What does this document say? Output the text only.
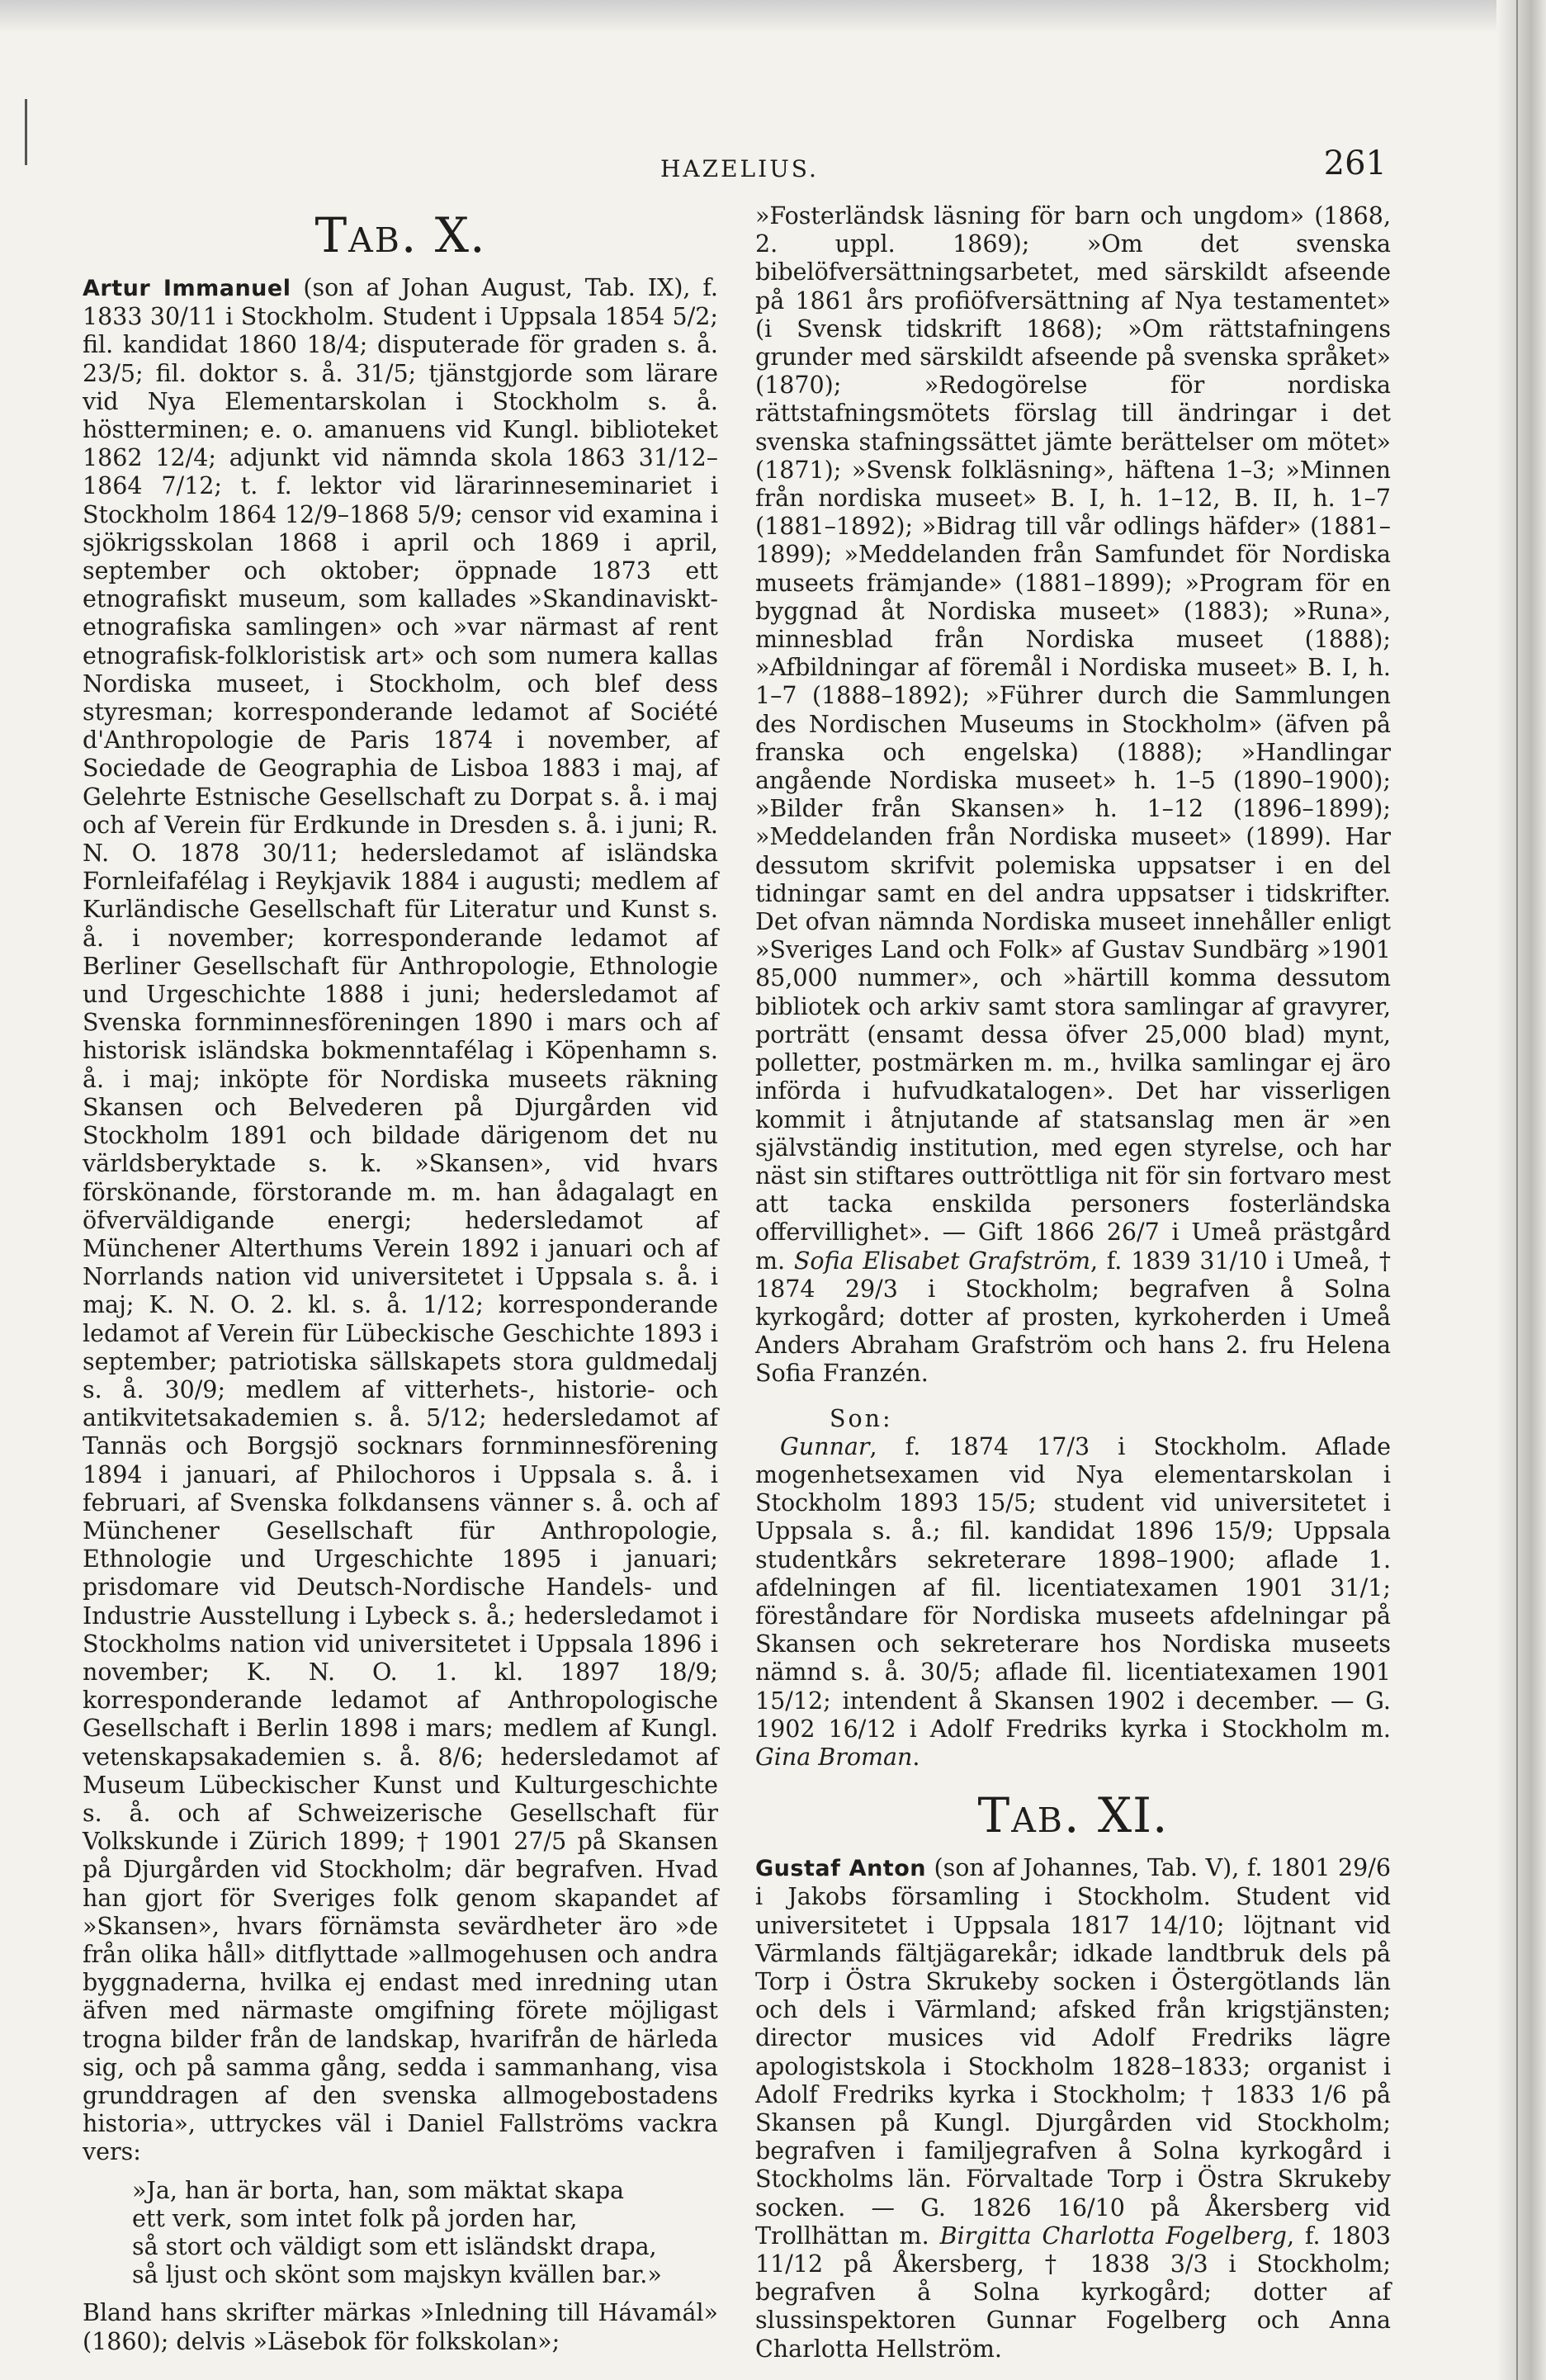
HAZELIUS.	261
Tab. X.

Artur Immanuel (son af Johan August, Tab. IX), f. 1833 30/11 i Stockholm. Student i Uppsala 1854 5/2; fil. kandidat 1860 18/4; disputerade för graden s. å. 23/5; fil. doktor s. å. 31/5; tjänstgjorde som lärare vid Nya Elementarskolan i Stockholm s. å. höstterminen; e. o. amanuens vid Kungl. biblioteket 1862 12/4; adjunkt vid nämnda skola 1863 31/12–1864 7/12; t. f. lektor vid lärarinneseminariet i Stockholm 1864 12/9–1868 5/9; censor vid examina i sjökrigsskolan 1868 i april och 1869 i april, september och oktober; öppnade 1873 ett etnografiskt museum, som kallades »Skandinaviskt-etnografiska samlingen» och »var närmast af rent etnografisk-folkloristisk art» och som numera kallas Nordiska museet, i Stockholm, och blef dess styresman; korresponderande ledamot af Société d'Anthropologie de Paris 1874 i november, af Sociedade de Geographia de Lisboa 1883 i maj, af Gelehrte Estnische Gesellschaft zu Dorpat s. å. i maj och af Verein für Erdkunde in Dresden s. å. i juni; R. N. O. 1878 30/11; hedersledamot af isländska Fornleifafélag i Reykjavik 1884 i augusti; medlem af Kurländische Gesellschaft für Literatur und Kunst s. å. i november; korresponderande ledamot af Berliner Gesellschaft für Anthropologie, Ethnologie und Urgeschichte 1888 i juni; hedersledamot af Svenska fornminnesföreningen 1890 i mars och af historisk isländska bokmenntafélag i Köpenhamn s. å. i maj; inköpte för Nordiska museets räkning Skansen och Belvederen på Djurgården vid Stockholm 1891 och bildade därigenom det nu världsberyktade s. k. »Skansen», vid hvars förskönande, förstorande m. m. han ådagalagt en öfverväldigande energi; hedersledamot af Münchener Alterthums Verein 1892 i januari och af Norrlands nation vid universitetet i Uppsala s. å. i maj; K. N. O. 2. kl. s. å. 1/12; korresponderande ledamot af Verein für Lübeckische Geschichte 1893 i september; patriotiska sällskapets stora guldmedalj s. å. 30/9; medlem af vitterhets-, historie- och antikvitetsakademien s. å. 5/12; hedersledamot af Tannäs och Borgsjö socknars fornminnesförening 1894 i januari, af Philochoros i Uppsala s. å. i februari, af Svenska folkdansens vänner s. å. och af Münchener Gesellschaft für Anthropologie, Ethnologie und Urgeschichte 1895 i januari; prisdomare vid Deutsch-Nordische Handels- und Industrie Ausstellung i Lybeck s. å.; hedersledamot i Stockholms nation vid universitetet i Uppsala 1896 i november; K. N. O. 1. kl. 1897 18/9; korresponderande ledamot af Anthropologische Gesellschaft i Berlin 1898 i mars; medlem af Kungl. vetenskapsakademien s. å. 8/6; hedersledamot af Museum Lübeckischer Kunst und Kulturgeschichte s. å. och af Schweizerische Gesellschaft für Volkskunde i Zürich 1899; † 1901 27/5 på Skansen på Djurgården vid Stockholm; där begrafven. Hvad han gjort för Sveriges folk genom skapandet af »Skansen», hvars förnämsta sevärdheter äro »de från olika håll» ditflyttade »allmogehusen och andra byggnaderna, hvilka ej endast med inredning utan äfven med närmaste omgifning förete möjligast trogna bilder från de landskap, hvarifrån de härleda sig, och på samma gång, sedda i sammanhang, visa grunddragen af den svenska allmogebostadens historia», uttryckes väl i Daniel Fallströms vackra vers:

»Ja, han är borta, han, som mäktat skapa

ett verk, som intet folk på jorden har,

så stort och väldigt som ett isländskt drapa,

så ljust och skönt som majskyn kvällen bar.»

Bland hans skrifter märkas »Inledning till Hávamál» (1860); delvis »Läsebok för folkskolan»;

»Fosterländsk läsning för barn och ungdom» (1868, 2. uppl. 1869); »Om det svenska bibelöfversättningsarbetet, med särskildt afseende på 1861 års profiöfversättning af Nya testamentet» (i Svensk tidskrift 1868); »Om rättstafningens grunder med särskildt afseende på svenska språket» (1870); »Redogörelse för nordiska rättstafningsmötets förslag till ändringar i det svenska stafningssättet jämte berättelser om mötet» (1871); »Svensk folkläsning», häftena 1–3; »Minnen från nordiska museet» B. I, h. 1–12, B. II, h. 1–7 (1881–1892); »Bidrag till vår odlings häfder» (1881–1899); »Meddelanden från Samfundet för Nordiska museets främjande» (1881–1899); »Program för en byggnad åt Nordiska museet» (1883); »Runa», minnesblad från Nordiska museet (1888); »Afbildningar af föremål i Nordiska museet» B. I, h. 1–7 (1888–1892); »Führer durch die Sammlungen des Nordischen Museums in Stockholm» (äfven på franska och engelska) (1888); »Handlingar angående Nordiska museet» h. 1–5 (1890–1900); »Bilder från Skansen» h. 1–12 (1896–1899); »Meddelanden från Nordiska museet» (1899). Har dessutom skrifvit polemiska uppsatser i en del tidningar samt en del andra uppsatser i tidskrifter. Det ofvan nämnda Nordiska museet innehåller enligt »Sveriges Land och Folk» af Gustav Sundbärg »1901 85,000 nummer», och »härtill komma dessutom bibliotek och arkiv samt stora samlingar af gravyrer, porträtt (ensamt dessa öfver 25,000 blad) mynt, polletter, postmärken m. m., hvilka samlingar ej äro införda i hufvudkatalogen». Det har visserligen kommit i åtnjutande af statsanslag men är »en självständig institution, med egen styrelse, och har näst sin stiftares outtröttliga nit för sin fortvaro mest att tacka enskilda personers fosterländska offervillighet». — Gift 1866 26/7 i Umeå prästgård m. Sofia Elisabet Grafström, f. 1839 31/10 i Umeå, † 1874 29/3 i Stockholm; begrafven å Solna kyrkogård; dotter af prosten, kyrkoherden i Umeå Anders Abraham Grafström och hans 2. fru Helena Sofia Franzén.

Son:

Gunnar, f. 1874 17/3 i Stockholm. Aflade mogenhetsexamen vid Nya elementarskolan i Stockholm 1893 15/5; student vid universitetet i Uppsala s. å.; fil. kandidat 1896 15/9; Uppsala studentkårs sekreterare 1898–1900; aflade 1. afdelningen af fil. licentiatexamen 1901 31/1; föreståndare för Nordiska museets afdelningar på Skansen och sekreterare hos Nordiska museets nämnd s. å. 30/5; aflade fil. licentiatexamen 1901 15/12; intendent å Skansen 1902 i december. — G. 1902 16/12 i Adolf Fredriks kyrka i Stockholm m. Gina Broman.

Tab. XI.

Gustaf Anton (son af Johannes, Tab. V), f. 1801 29/6 i Jakobs församling i Stockholm. Student vid universitetet i Uppsala 1817 14/10; löjtnant vid Värmlands fältjägarekår; idkade landtbruk dels på Torp i Östra Skrukeby socken i Östergötlands län och dels i Värmland; afsked från krigstjänsten; director musices vid Adolf Fredriks lägre apologistskola i Stockholm 1828–1833; organist i Adolf Fredriks kyrka i Stockholm; † 1833 1/6 på Skansen på Kungl. Djurgården vid Stockholm; begrafven i familjegrafven å Solna kyrkogård i Stockholms län. Förvaltade Torp i Östra Skrukeby socken. — G. 1826 16/10 på Åkersberg vid Trollhättan m. Birgitta Charlotta Fogelberg, f. 1803 11/12 på Åkersberg, † 1838 3/3 i Stockholm; begrafven å Solna kyrkogård; dotter af slussinspektoren Gunnar Fogelberg och Anna Charlotta Hellström.
